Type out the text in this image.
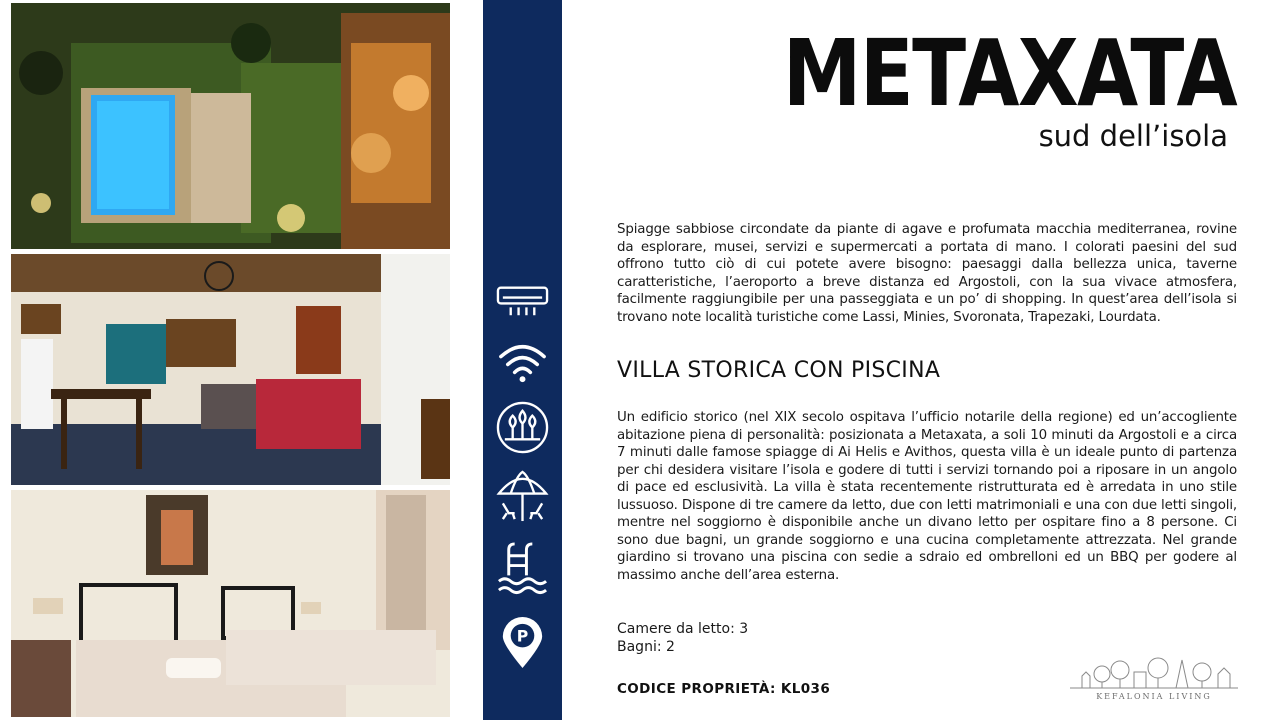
P
METAXATA
sud dell’isola

Spiagge sabbiose circondate da piante di agave e profumata macchia mediterranea, rovine da esplorare, musei, servizi e supermercati a portata di mano. I colorati paesini del sud offrono tutto ciò di cui potete avere bisogno: paesaggi dalla bellezza unica, taverne caratteristiche, l’aeroporto a breve distanza ed Argostoli, con la sua vivace atmosfera, facilmente raggiungibile per una passeggiata e un po’ di shopping. In quest’area dell’isola si trovano note località turistiche come Lassi, Minies, Svoronata, Trapezaki, Lourdata.

VILLA STORICA CON PISCINA

Un edificio storico (nel XIX secolo ospitava l’ufficio notarile della regione) ed un’accogliente abitazione piena di personalità: posizionata a Metaxata, a soli 10 minuti da Argostoli e a circa 7 minuti dalle famose spiagge di Ai Helis e Avithos, questa villa è un ideale punto di partenza per chi desidera visitare l’isola e godere di tutti i servizi tornando poi a riposare in un angolo di pace ed esclusività. La villa è stata recentemente ristrutturata ed è arredata in uno stile lussuoso. Dispone di tre camere da letto, due con letti matrimoniali e una con due letti singoli, mentre nel soggiorno è disponibile anche un divano letto per ospitare fino a 8 persone. Ci sono due bagni, un grande soggiorno e una cucina completamente attrezzata. Nel grande giardino si trovano una piscina con sedie a sdraio ed ombrelloni ed un BBQ per godere al massimo anche dell’area esterna.

Camere da letto: 3
Bagni: 2
CODICE PROPRIETÀ: KL036	KEFALONIA LIVING
